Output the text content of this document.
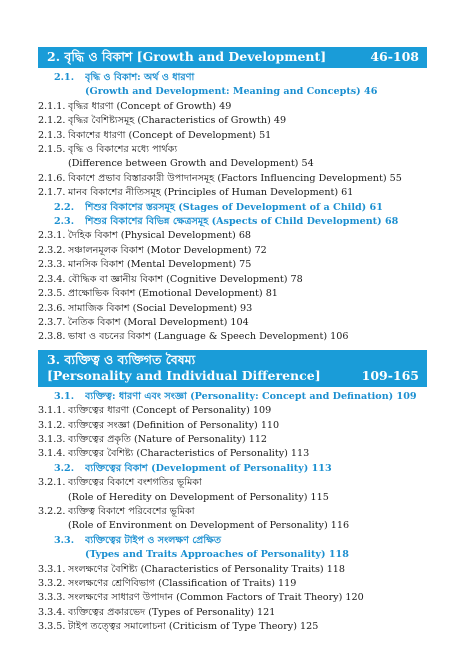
2. বৃদ্ধি ও বিকাশ [Growth and Development]	46-108
2.1.	বৃদ্ধি ও বিকাশ: অর্থ ও ধারণা
(Growth and Development: Meaning and Concepts) 46
2.1.1. বৃদ্ধির ধারণা (Concept of Growth) 49
2.1.2. বৃদ্ধির বৈশিষ্ট্যসমূহ (Characteristics of Growth) 49
2.1.3. বিকাশের ধারণা (Concept of Development) 51
2.1.5. বৃদ্ধি ও বিকাশের মধ্যে পার্থক্য
(Difference between Growth and Development) 54
2.1.6. বিকাশে প্রভাব বিস্তারকারী উপাদানসমূহ (Factors Influencing Development) 55
2.1.7. মানব বিকাশের নীতিসমূহ (Principles of Human Development) 61
2.2.	শিশুর বিকাশের স্তরসমূহ (Stages of Development of a Child) 61
2.3.	শিশুর বিকাশের বিভিন্ন ক্ষেত্রসমূহ (Aspects of Child Development) 68
2.3.1. দৈহিক বিকাশ (Physical Development) 68
2.3.2. সঞ্চালনমূলক বিকাশ (Motor Development) 72
2.3.3. মানসিক বিকাশ (Mental Development) 75
2.3.4. বৌদ্ধিক বা জ্ঞানীয় বিকাশ (Cognitive Development) 78
2.3.5. প্রাক্ষোভিক বিকাশ (Emotional Development) 81
2.3.6. সামাজিক বিকাশ (Social Development) 93
2.3.7. নৈতিক বিকাশ (Moral Development) 104
2.3.8. ভাষা ও বচনের বিকাশ (Language & Speech Development) 106
3. ব্যক্তিত্ব ও ব্যক্তিগত বৈষম্য
[Personality and Individual Difference]	109-165
3.1.	ব্যক্তিত্ব: ধারণা এবং সংজ্ঞা (Personality: Concept and Defination) 109
3.1.1. ব্যক্তিত্বের ধারণা (Concept of Personality) 109
3.1.2. ব্যক্তিত্বের সংজ্ঞা (Definition of Personality) 110
3.1.3. ব্যক্তিত্বের প্রকৃতি (Nature of Personality) 112
3.1.4. ব্যক্তিত্বের বৈশিষ্ট্য (Characteristics of Personality) 113
3.2.	ব্যক্তিত্বের বিকাশ (Development of Personality) 113
3.2.1. ব্যক্তিত্বের বিকাশে বংশগতির ভূমিকা
(Role of Heredity on Development of Personality) 115
3.2.2. ব্যক্তিত্ব বিকাশে পরিবেশের ভূমিকা
(Role of Environment on Development of Personality) 116
3.3.	ব্যক্তিত্বের টাইপ ও সংলক্ষণ প্রেক্ষিত
(Types and Traits Approaches of Personality) 118
3.3.1. সংলক্ষণের বৈশিষ্ট্য (Characteristics of Personality Traits) 118
3.3.2. সংলক্ষণের শ্রেণিবিভাগ (Classification of Traits) 119
3.3.3. সংলক্ষণের সাধারণ উপাদান (Common Factors of Trait Theory) 120
3.3.4. ব্যক্তিত্বের প্রকারভেদ (Types of Personality) 121
3.3.5. টাইপ তত্ত্বের সমালোচনা (Criticism of Type Theory) 125
